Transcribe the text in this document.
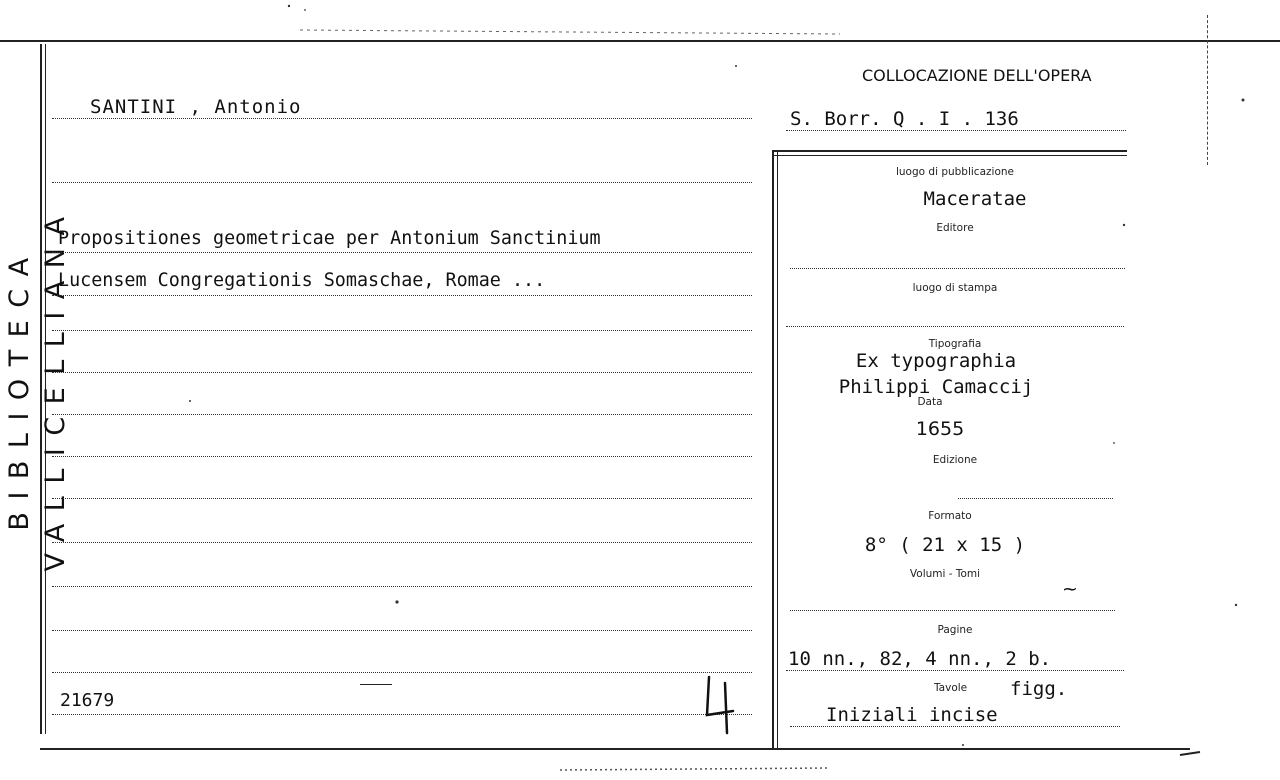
BIBLIOTECA VALLICELLIANA
COLLOCAZIONE DELL'OPERA
S. Borr. Q . I . 136
SANTINI , Antonio
Propositiones geometricae per Antonium Sanctinium
Lucensem Congregationis Somaschae, Romae ...
21679
luogo di pubblicazione
Maceratae
Editore
luogo di stampa
Tipografia
Ex typographia
Philippi Camaccij
Data
1655
Edizione
Formato
8° ( 21 x 15 )
Volumi - Tomi
~
Pagine
10 nn., 82, 4 nn., 2 b.
Tavole figg.
Iniziali incise
